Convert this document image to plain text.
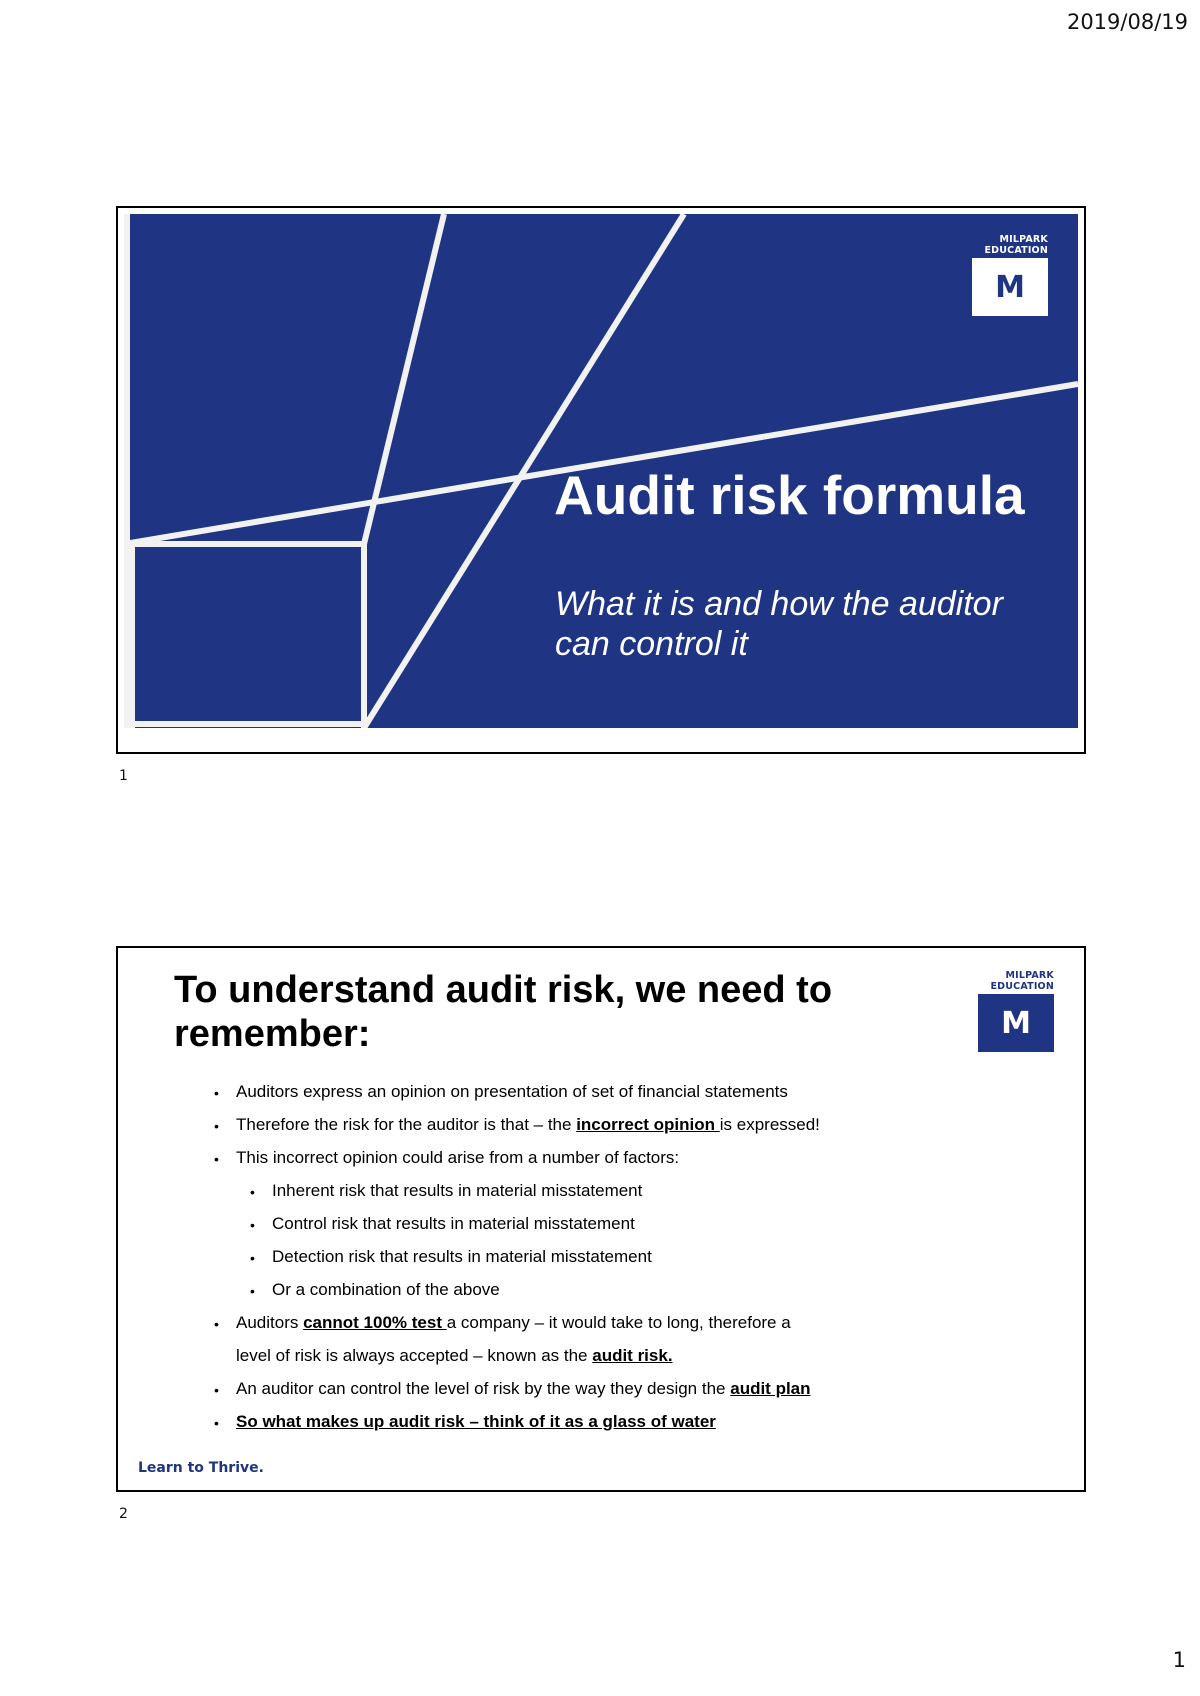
2019/08/19
MILPARK
EDUCATION
M
Audit risk formula

What it is and how the auditor can control it

1
To understand audit risk, we need to remember:
MILPARK
EDUCATION
M
• Auditors express an opinion on presentation of set of financial statements
• Therefore the risk for the auditor is that – the incorrect opinion is expressed!
• This incorrect opinion could arise from a number of factors:
• Inherent risk that results in material misstatement
• Control risk that results in material misstatement
• Detection risk that results in material misstatement
• Or a combination of the above
• Auditors cannot 100% test a company – it would take to long, therefore a
level of risk is always accepted – known as the audit risk.
• An auditor can control the level of risk by the way they design the audit plan
• So what makes up audit risk – think of it as a glass of water
Learn to Thrive.
2
1
